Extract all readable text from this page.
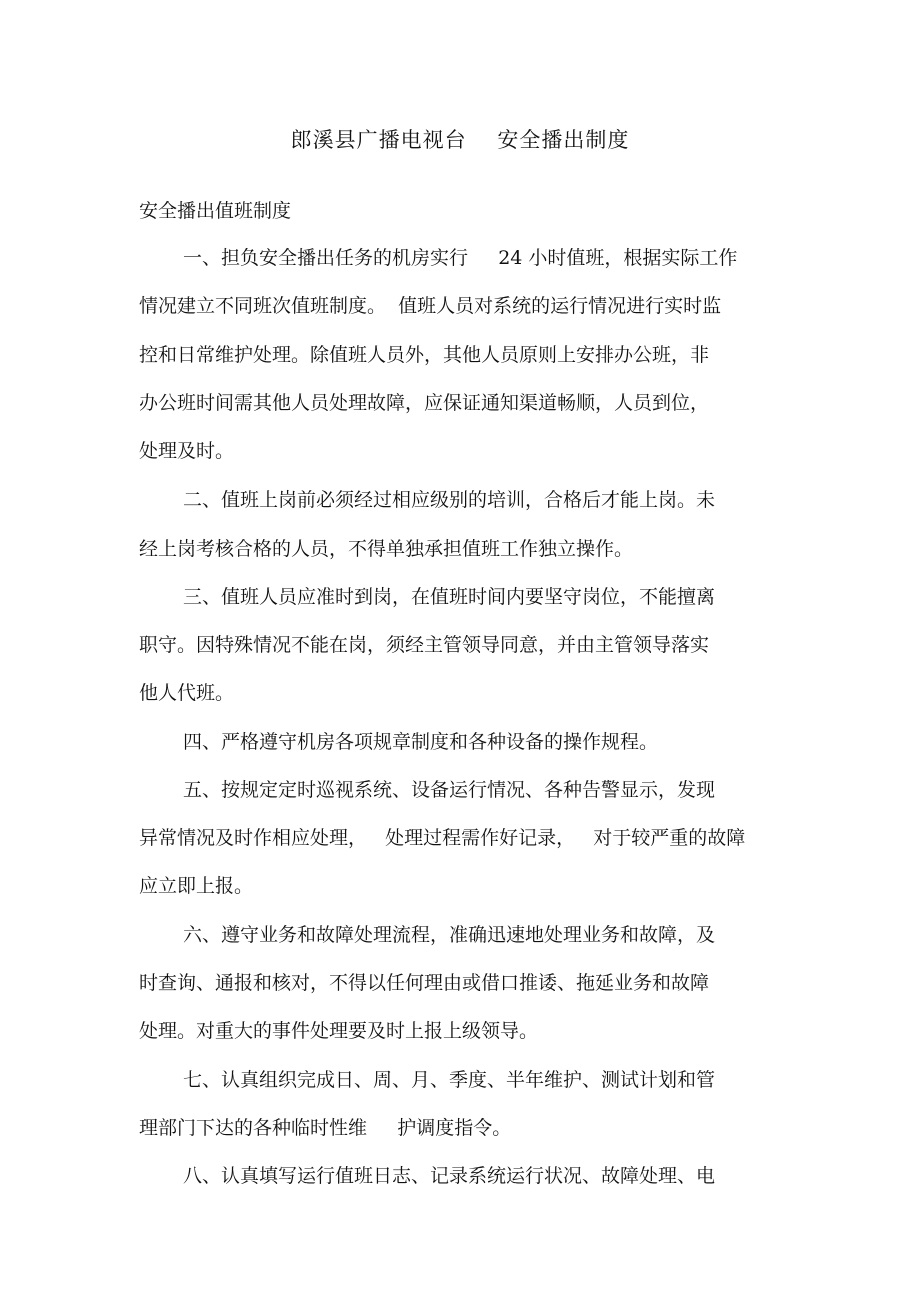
郎溪县广播电视台    安全播出制度
安全播出值班制度
一、担负安全播出任务的机房实行     24 小时值班，根据实际工作
情况建立不同班次值班制度。  值班人员对系统的运行情况进行实时监
控和日常维护处理。除值班人员外，其他人员原则上安排办公班，非
办公班时间需其他人员处理故障，应保证通知渠道畅顺，人员到位，
处理及时。
二、值班上岗前必须经过相应级别的培训，合格后才能上岗。未
经上岗考核合格的人员，不得单独承担值班工作独立操作。
三、值班人员应准时到岗，在值班时间内要坚守岗位，不能擅离
职守。因特殊情况不能在岗，须经主管领导同意，并由主管领导落实
他人代班。
四、严格遵守机房各项规章制度和各种设备的操作规程。
五、按规定定时巡视系统、设备运行情况、各种告警显示，发现
异常情况及时作相应处理，   处理过程需作好记录，   对于较严重的故障
应立即上报。
六、遵守业务和故障处理流程，准确迅速地处理业务和故障，及
时查询、通报和核对，不得以任何理由或借口推诿、拖延业务和故障
处理。对重大的事件处理要及时上报上级领导。
七、认真组织完成日、周、月、季度、半年维护、测试计划和管
理部门下达的各种临时性维     护调度指令。
八、认真填写运行值班日志、记录系统运行状况、故障处理、电
